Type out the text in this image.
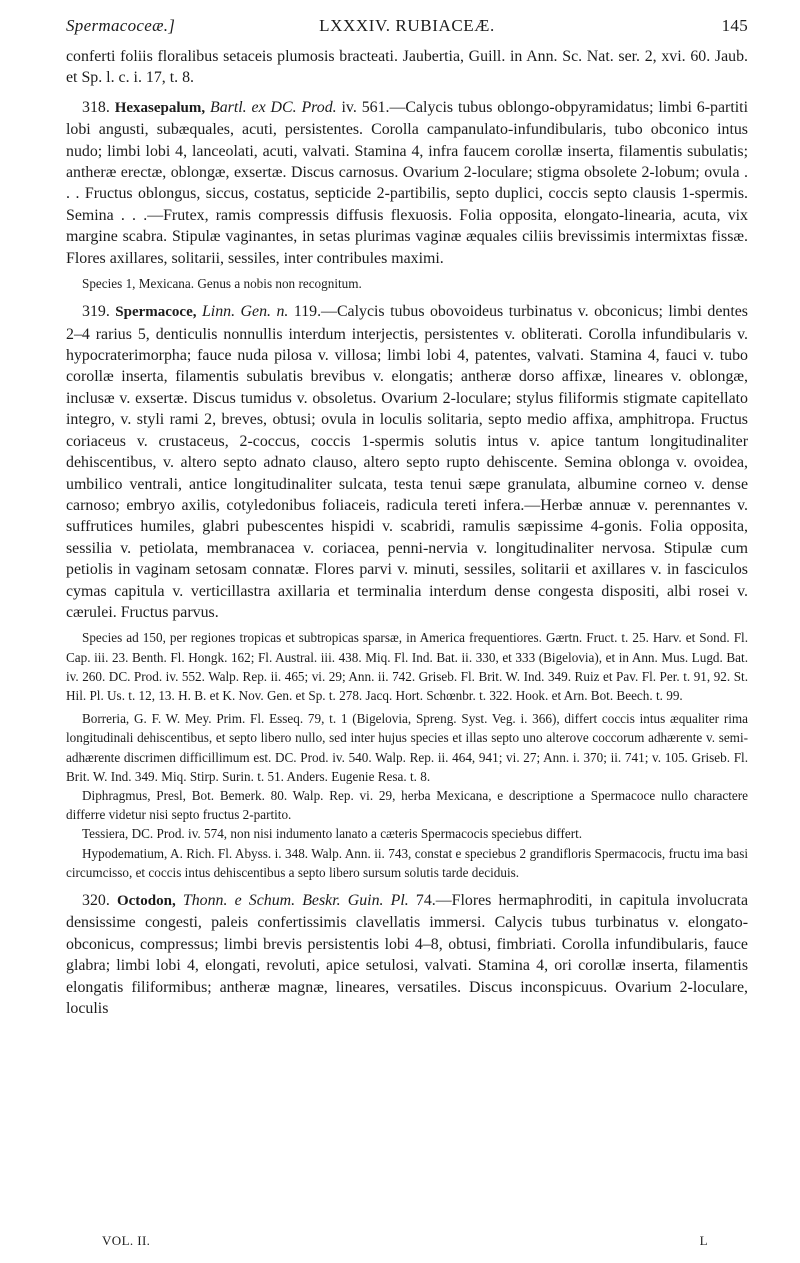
Spermacoceæ.]	LXXXIV. RUBIACEÆ.	145

conferti foliis floralibus setaceis plumosis bracteati. Jaubertia, Guill. in Ann. Sc. Nat. ser. 2, xvi. 60. Jaub. et Sp. l. c. i. 17, t. 8.

318. Hexasepalum, Bartl. ex DC. Prod. iv. 561.—Calycis tubus oblongo-obpyramidatus; limbi 6-partiti lobi angusti, subæquales, acuti, persistentes. Corolla campanulato-infundibularis, tubo obconico intus nudo; limbi lobi 4, lanceolati, acuti, valvati. Stamina 4, infra faucem corollæ inserta, filamentis subulatis; antheræ erectæ, oblongæ, exsertæ. Discus carnosus. Ovarium 2-loculare; stigma obsolete 2-lobum; ovula . . . Fructus oblongus, siccus, costatus, septicide 2-partibilis, septo duplici, coccis septo clausis 1-spermis. Semina . . .—Frutex, ramis compressis diffusis flexuosis. Folia opposita, elongato-linearia, acuta, vix margine scabra. Stipulæ vaginantes, in setas plurimas vaginæ æquales ciliis brevissimis intermixtas fissæ. Flores axillares, solitarii, sessiles, inter contribules maximi.

Species 1, Mexicana. Genus a nobis non recognitum.

319. Spermacoce, Linn. Gen. n. 119.—Calycis tubus obovoideus turbinatus v. obconicus; limbi dentes 2–4 rarius 5, denticulis nonnullis interdum interjectis, persistentes v. obliterati. Corolla infundibularis v. hypocraterimorpha; fauce nuda pilosa v. villosa; limbi lobi 4, patentes, valvati. Stamina 4, fauci v. tubo corollæ inserta, filamentis subulatis brevibus v. elongatis; antheræ dorso affixæ, lineares v. oblongæ, inclusæ v. exsertæ. Discus tumidus v. obsoletus. Ovarium 2-loculare; stylus filiformis stigmate capitellato integro, v. styli rami 2, breves, obtusi; ovula in loculis solitaria, septo medio affixa, amphitropa. Fructus coriaceus v. crustaceus, 2-coccus, coccis 1-spermis solutis intus v. apice tantum longitudinaliter dehiscentibus, v. altero septo adnato clauso, altero septo rupto dehiscente. Semina oblonga v. ovoidea, umbilico ventrali, antice longitudinaliter sulcata, testa tenui sæpe granulata, albumine corneo v. dense carnoso; embryo axilis, cotyledonibus foliaceis, radicula tereti infera.—Herbæ annuæ v. perennantes v. suffrutices humiles, glabri pubescentes hispidi v. scabridi, ramulis sæpissime 4-gonis. Folia opposita, sessilia v. petiolata, membranacea v. coriacea, penni-nervia v. longitudinaliter nervosa. Stipulæ cum petiolis in vaginam setosam connatæ. Flores parvi v. minuti, sessiles, solitarii et axillares v. in fasciculos cymas capitula v. verticillastra axillaria et terminalia interdum dense congesta dispositi, albi rosei v. cærulei. Fructus parvus.

Species ad 150, per regiones tropicas et subtropicas sparsæ, in America frequentiores. Gærtn. Fruct. t. 25. Harv. et Sond. Fl. Cap. iii. 23. Benth. Fl. Hongk. 162; Fl. Austral. iii. 438. Miq. Fl. Ind. Bat. ii. 330, et 333 (Bigelovia), et in Ann. Mus. Lugd. Bat. iv. 260. DC. Prod. iv. 552. Walp. Rep. ii. 465; vi. 29; Ann. ii. 742. Griseb. Fl. Brit. W. Ind. 349. Ruiz et Pav. Fl. Per. t. 91, 92. St. Hil. Pl. Us. t. 12, 13. H. B. et K. Nov. Gen. et Sp. t. 278. Jacq. Hort. Schœnbr. t. 322. Hook. et Arn. Bot. Beech. t. 99.

Borreria, G. F. W. Mey. Prim. Fl. Esseq. 79, t. 1 (Bigelovia, Spreng. Syst. Veg. i. 366), differt coccis intus æqualiter rima longitudinali dehiscentibus, et septo libero nullo, sed inter hujus species et illas septo uno alterove coccorum adhærente v. semi-adhærente discrimen difficillimum est. DC. Prod. iv. 540. Walp. Rep. ii. 464, 941; vi. 27; Ann. i. 370; ii. 741; v. 105. Griseb. Fl. Brit. W. Ind. 349. Miq. Stirp. Surin. t. 51. Anders. Eugenie Resa. t. 8.

Diphragmus, Presl, Bot. Bemerk. 80. Walp. Rep. vi. 29, herba Mexicana, e descriptione a Spermacoce nullo charactere differre videtur nisi septo fructus 2-partito.

Tessiera, DC. Prod. iv. 574, non nisi indumento lanato a cæteris Spermacocis speciebus differt.

Hypodematium, A. Rich. Fl. Abyss. i. 348. Walp. Ann. ii. 743, constat e speciebus 2 grandifloris Spermacocis, fructu ima basi circumcisso, et coccis intus dehiscentibus a septo libero sursum solutis tarde deciduis.

320. Octodon, Thonn. e Schum. Beskr. Guin. Pl. 74.—Flores hermaphroditi, in capitula involucrata densissime congesti, paleis confertissimis clavellatis immersi. Calycis tubus turbinatus v. elongato-obconicus, compressus; limbi brevis persistentis lobi 4–8, obtusi, fimbriati. Corolla infundibularis, fauce glabra; limbi lobi 4, elongati, revoluti, apice setulosi, valvati. Stamina 4, ori corollæ inserta, filamentis elongatis filiformibus; antheræ magnæ, lineares, versatiles. Discus inconspicuus. Ovarium 2-loculare, loculis

VOL. II.	L
